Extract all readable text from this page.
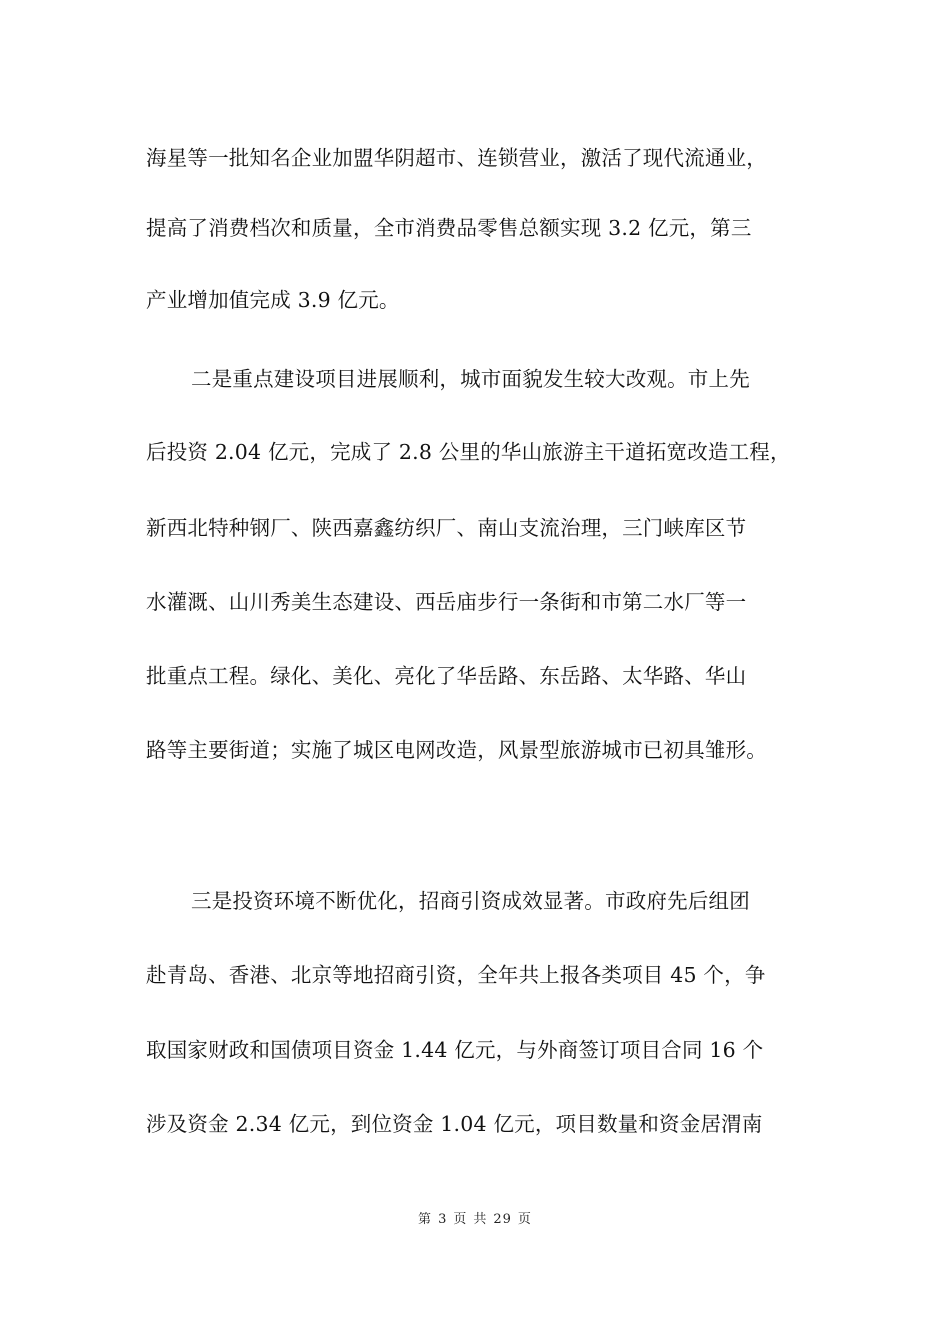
海星等一批知名企业加盟华阴超市、连锁营业，激活了现代流通业，
提高了消费档次和质量，全市消费品零售总额实现 3.2 亿元，第三
产业增加值完成 3.9 亿元。
二是重点建设项目进展顺利，城市面貌发生较大改观。市上先
后投资 2.04 亿元，完成了 2.8 公里的华山旅游主干道拓宽改造工程，
新西北特种钢厂、陕西嘉鑫纺织厂、南山支流治理，三门峡库区节
水灌溉、山川秀美生态建设、西岳庙步行一条街和市第二水厂等一
批重点工程。绿化、美化、亮化了华岳路、东岳路、太华路、华山
路等主要街道；实施了城区电网改造，风景型旅游城市已初具雏形。
三是投资环境不断优化，招商引资成效显著。市政府先后组团
赴青岛、香港、北京等地招商引资，全年共上报各类项目 45 个，争
取国家财政和国债项目资金 1.44 亿元，与外商签订项目合同 16 个
涉及资金 2.34 亿元，到位资金 1.04 亿元，项目数量和资金居渭南
第 3 页 共 29 页
